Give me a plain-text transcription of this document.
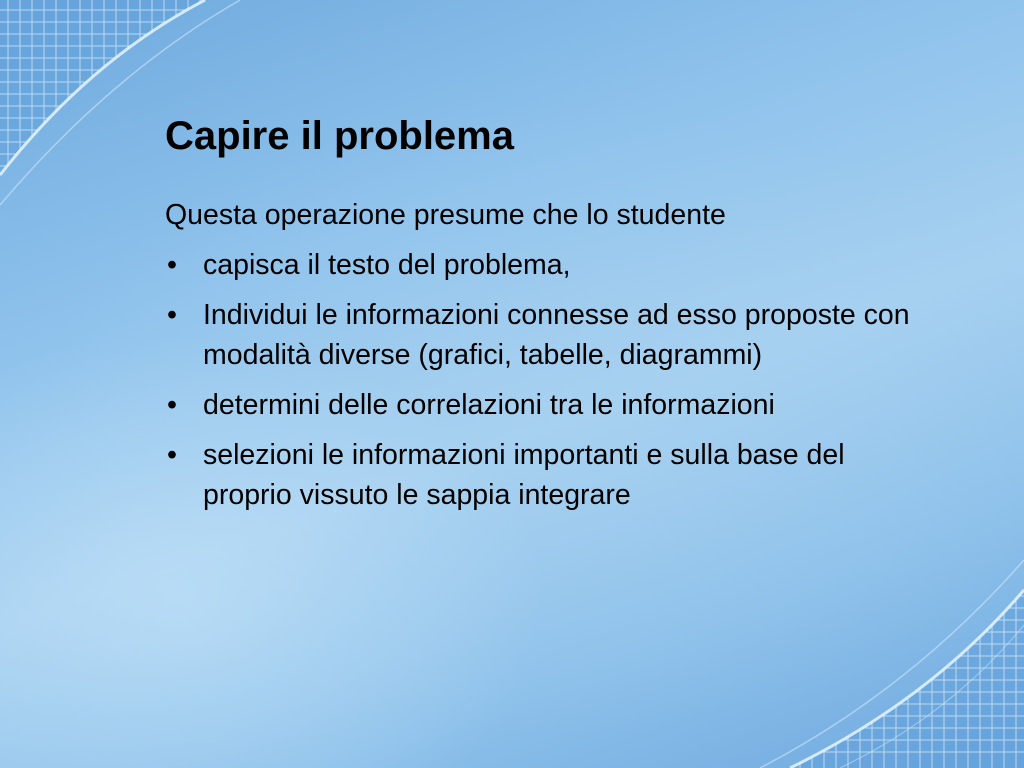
Capire il problema

Questa operazione presume che lo studente

• capisca il testo del problema,
• Individui le informazioni connesse ad esso proposte con modalità diverse (grafici, tabelle, diagrammi)
• determini delle correlazioni tra le informazioni
• selezioni le informazioni importanti e sulla base del proprio vissuto le sappia integrare
